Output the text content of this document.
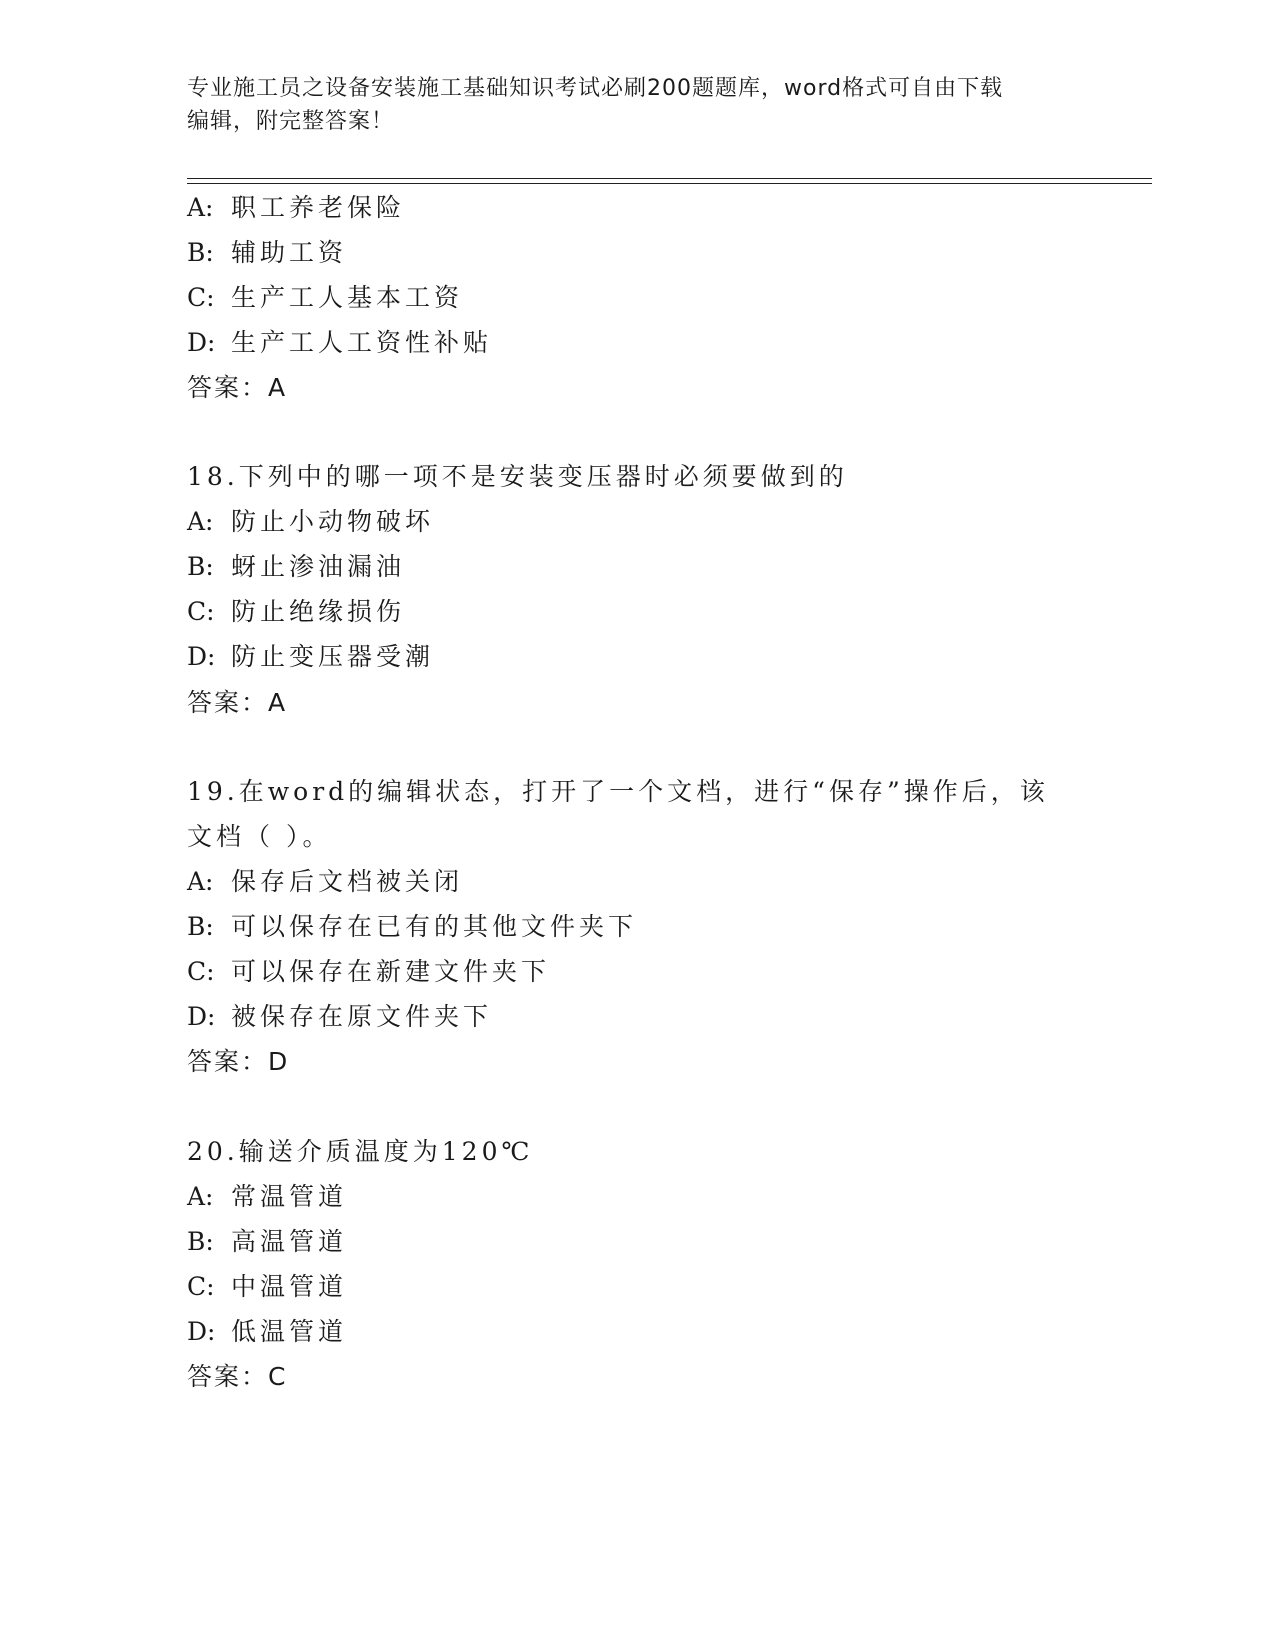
专业施工员之设备安装施工基础知识考试必刷200题题库，word格式可自由下载
编辑，附完整答案！
A: 职工养老保险
B: 辅助工资
C: 生产工人基本工资
D: 生产工人工资性补贴
答案：A
18.下列中的哪一项不是安装变压器时必须要做到的
A: 防止小动物破坏
B: 蚜止渗油漏油
C: 防止绝缘损伤
D: 防止变压器受潮
答案：A
19.在word的编辑状态，打开了一个文档，进行“保存”操作后，该
文档（ ）。
A: 保存后文档被关闭
B: 可以保存在已有的其他文件夹下
C: 可以保存在新建文件夹下
D: 被保存在原文件夹下
答案：D
20.输送介质温度为120℃
A: 常温管道
B: 高温管道
C: 中温管道
D: 低温管道
答案：C
